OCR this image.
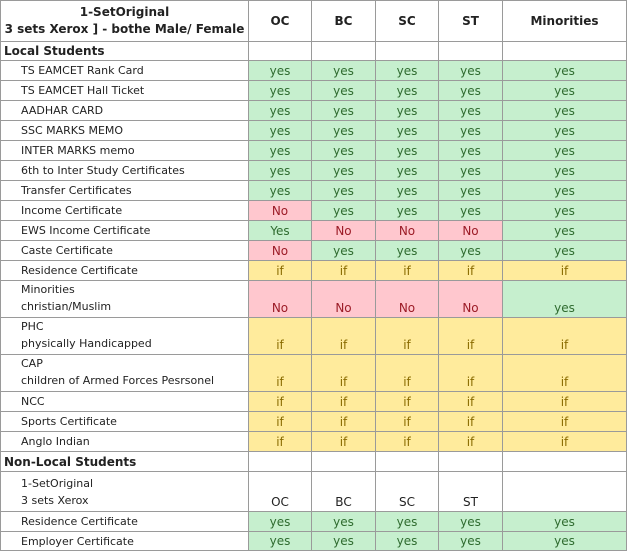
1-SetOriginal
3 sets Xerox ] - bothe Male/ Female	OC	BC	SC	ST	Minorities
Local Students					

TS EAMCET Rank Card	yes	yes	yes	yes	yes

TS EAMCET Hall Ticket	yes	yes	yes	yes	yes

AADHAR CARD	yes	yes	yes	yes	yes

SSC MARKS MEMO	yes	yes	yes	yes	yes

INTER MARKS memo	yes	yes	yes	yes	yes

6th to Inter Study Certificates	yes	yes	yes	yes	yes

Transfer Certificates	yes	yes	yes	yes	yes

Income Certificate	No	yes	yes	yes	yes

EWS Income Certificate	Yes	No	No	No	yes

Caste Certificate	No	yes	yes	yes	yes

Residence Certificate	if	if	if	if	if

Minorities
christian/Muslim	No	No	No	No	yes

PHC
physically Handicapped	if	if	if	if	if

CAP
children of Armed Forces Pesrsonel	if	if	if	if	if

NCC	if	if	if	if	if

Sports Certificate	if	if	if	if	if

Anglo Indian	if	if	if	if	if
Non-Local Students					

1-SetOriginal
3 sets Xerox	OC	BC	SC	ST	

Residence Certificate	yes	yes	yes	yes	yes

Employer Certificate	yes	yes	yes	yes	yes
